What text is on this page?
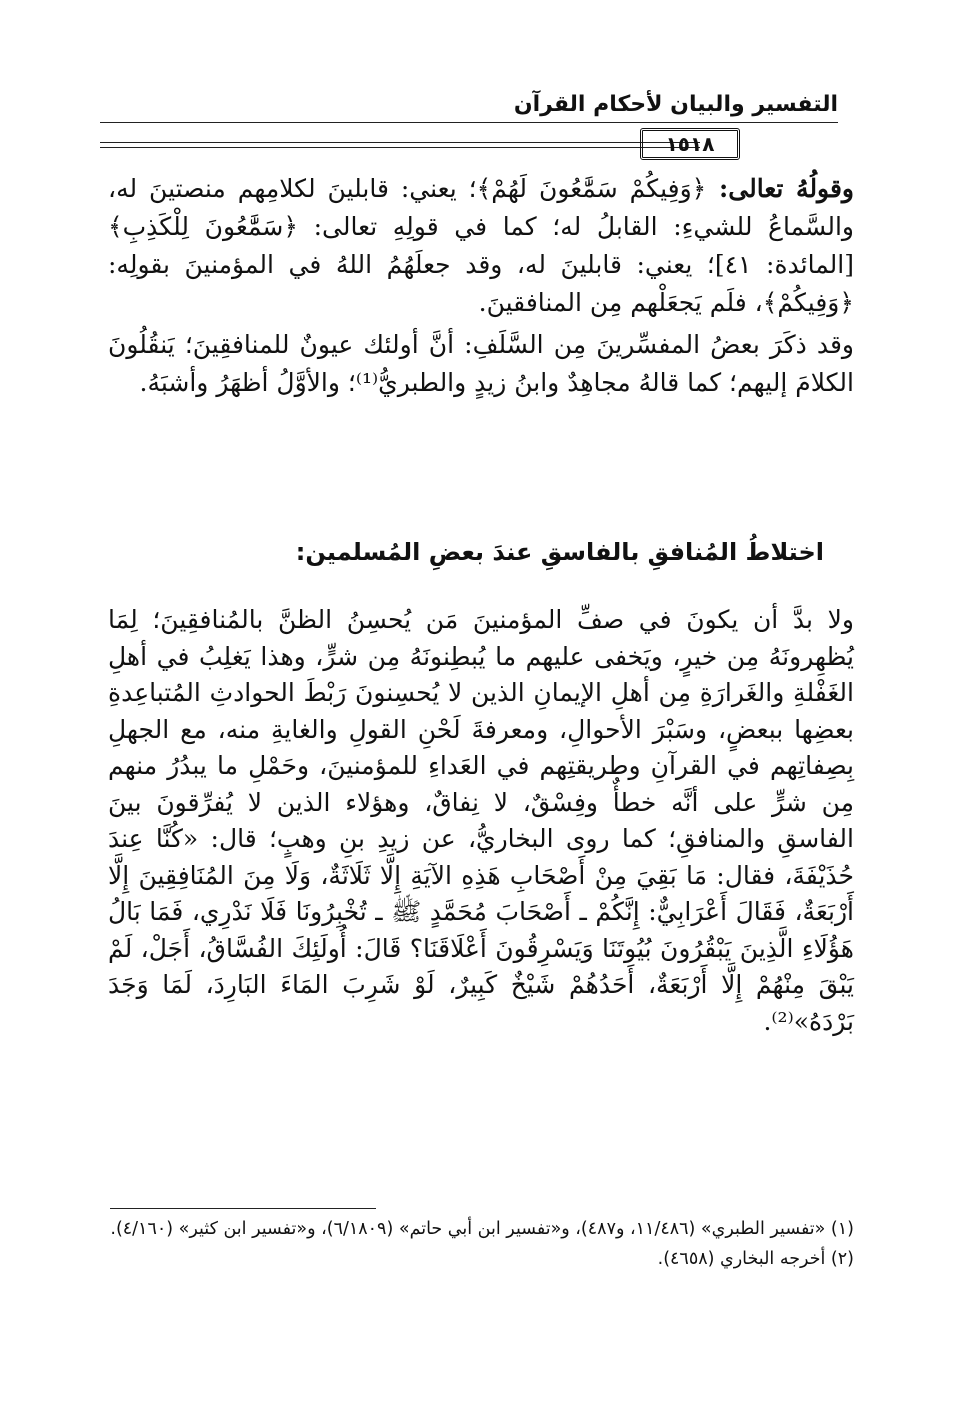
التفسير والبيان لأحكام القرآن
١٥١٨

وقولُهُ تعالى: ﴿وَفِيكُمْ سَمَّٰعُونَ لَهُمْ﴾؛ يعني: قابلينَ لكلامِهم منصتينَ له، والسَّماعُ للشيءِ: القابلُ له؛ كما في قولِهِ تعالى: ﴿سَمَّٰعُونَ لِلْكَذِبِ﴾ [المائدة: ٤١]؛ يعني: قابلينَ له، وقد جعلَهُمُ اللهُ في المؤمنينَ بقولِه: ﴿وَفِيكُمْ﴾، فلَم يَجعَلْهم مِن المنافقينَ.

وقد ذكَرَ بعضُ المفسِّرينَ مِن السَّلَفِ: أنَّ أولئك عيونٌ للمنافقِينَ؛ يَنقُلُونَ الكلامَ إليهم؛ كما قالهُ مجاهِدٌ وابنُ زيدٍ والطبريُّ⁽¹⁾؛ والأوَّلُ أظهَرُ وأشبَهُ.

اختلاطُ المُنافقِ بالفاسقِ عندَ بعضِ المُسلمين:

ولا بدَّ أن يكونَ في صفِّ المؤمنينَ مَن يُحسِنُ الظنَّ بالمُنافقِينَ؛ لِمَا يُظهِرونَهُ مِن خيرٍ، ويَخفى عليهم ما يُبطِنونَهُ مِن شرٍّ، وهذا يَغلِبُ في أهلِ الغَفْلةِ والغَرارَةِ مِن أهلِ الإيمانِ الذين لا يُحسِنونَ رَبْطَ الحوادثِ المُتباعِدةِ بعضِها ببعضٍ، وسَبْرَ الأحوالِ، ومعرفةَ لَحْنِ القولِ والغايةِ منه، مع الجهلِ بِصِفاتِهم في القرآنِ وطريقتِهم في العَداءِ للمؤمنينَ، وحَمْلِ ما يبدُرُ منهم مِن شرٍّ على أنَّه خطأٌ وفِسْقٌ، لا نِفاقٌ، وهؤلاء الذين لا يُفرِّقونَ بينَ الفاسقِ والمنافقِ؛ كما روى البخاريُّ، عن زيدِ بنِ وهبٍ؛ قال: «كُنَّا عِندَ حُذَيْفَةَ، فقال: مَا بَقِيَ مِنْ أَصْحَابِ هَذِهِ الآيَةِ إِلَّا ثَلَاثَةٌ، وَلَا مِنَ المُنَافِقِينَ إِلَّا أَرْبَعَةٌ، فَقَالَ أَعْرَابِيٌّ: إِنَّكُمْ ـ أَصْحَابَ مُحَمَّدٍ ﷺ ـ تُخْبِرُونَا فَلَا نَدْرِي، فَمَا بَالُ هَؤُلَاءِ الَّذِينَ يَبْقُرُونَ بُيُوتَنَا وَيَسْرِقُونَ أَعْلَاقَنَا؟ قَالَ: أُولَئِكَ الفُسَّاقُ، أَجَلْ، لَمْ يَبْقَ مِنْهُمْ إِلَّا أَرْبَعَةٌ، أَحَدُهُمْ شَيْخٌ كَبِيرٌ، لَوْ شَرِبَ المَاءَ البَارِدَ، لَمَا وَجَدَ بَرْدَهُ»⁽²⁾.

(١) «تفسير الطبري» (١١/٤٨٦، و٤٨٧)، و«تفسير ابن أبي حاتم» (٦/١٨٠٩)، و«تفسير ابن كثير» (٤/١٦٠).

(٢) أخرجه البخاري (٤٦٥٨).
